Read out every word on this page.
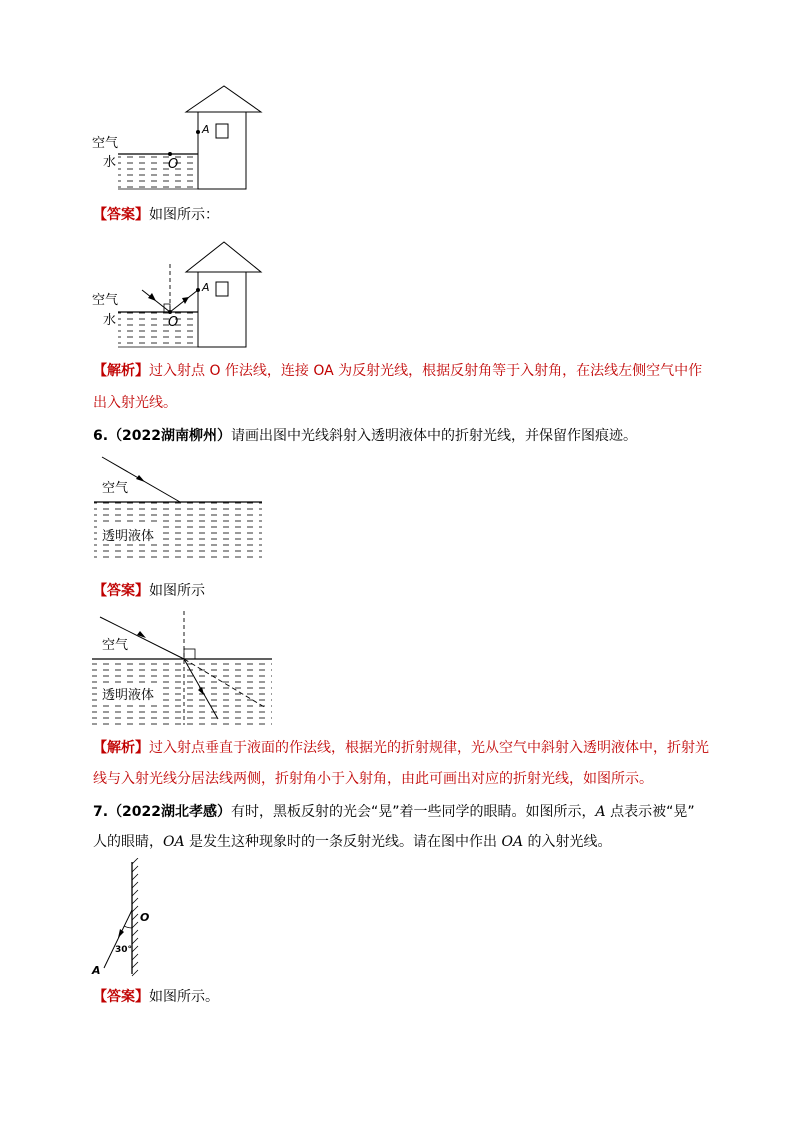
空气
水
A
O
【答案】如图所示：
空气
水
A
O
【解析】过入射点 O 作法线，连接 OA 为反射光线，根据反射角等于入射角，在法线左侧空气中作
出入射光线。
6.（2022湖南柳州）请画出图中光线斜射入透明液体中的折射光线，并保留作图痕迹。
空气
透明液体
【答案】如图所示
空气
透明液体
【解析】过入射点垂直于液面的作法线，根据光的折射规律，光从空气中斜射入透明液体中，折射光
线与入射光线分居法线两侧，折射角小于入射角，由此可画出对应的折射光线，如图所示。
7.（2022湖北孝感）有时，黑板反射的光会“晃”着一些同学的眼睛。如图所示，A 点表示被“晃”
人的眼睛，OA 是发生这种现象时的一条反射光线。请在图中作出 OA 的入射光线。
O
30°
A
【答案】如图所示。
